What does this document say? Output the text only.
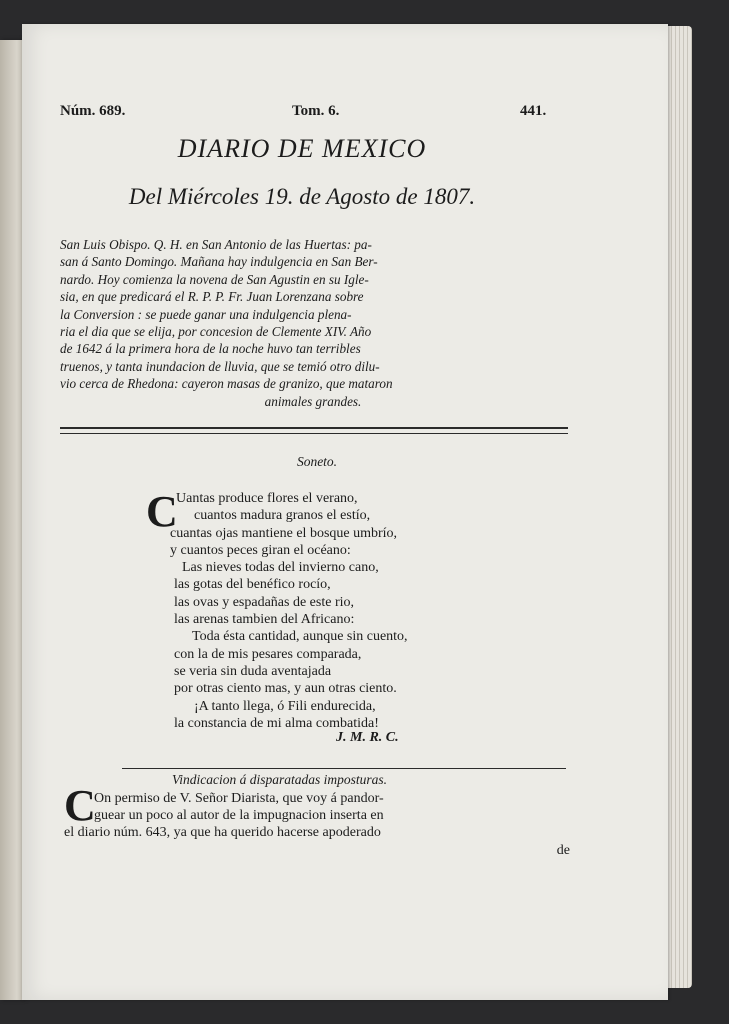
Núm. 689.	Tom. 6.	441.
DIARIO DE MEXICO
Del Miércoles 19. de Agosto de 1807.
San Luis Obispo. Q. H. en San Antonio de las Huertas: pa-
san á Santo Domingo. Mañana hay indulgencia en San Ber-
nardo. Hoy comienza la novena de San Agustin en su Igle-
sia, en que predicará el R. P. P. Fr. Juan Lorenzana sobre
la Conversion : se puede ganar una indulgencia plena-
ria el dia que se elija, por concesion de Clemente XIV. Año
de 1642 á la primera hora de la noche huvo tan terribles
truenos, y tanta inundacion de lluvia, que se temió otro dilu-
vio cerca de Rhedona: cayeron masas de granizo, que mataron
animales grandes.
Soneto.
C
Uantas produce flores el verano,
cuantos madura granos el estío,
cuantas ojas mantiene el bosque umbrío,
y cuantos peces giran el océano:
Las nieves todas del invierno cano,
las gotas del benéfico rocío,
las ovas y espadañas de este rio,
las arenas tambien del Africano:
Toda ésta cantidad, aunque sin cuento,
con la de mis pesares comparada,
se veria sin duda aventajada
por otras ciento mas, y aun otras ciento.
¡A tanto llega, ó Fili endurecida,
la constancia de mi alma combatida!
J. M. R. C.
Vindicacion á disparatadas imposturas.
C
On permiso de V. Señor Diarista, que voy á pandor-
guear un poco al autor de la impugnacion inserta en
el diario núm. 643, ya que ha querido hacerse apoderado
de
